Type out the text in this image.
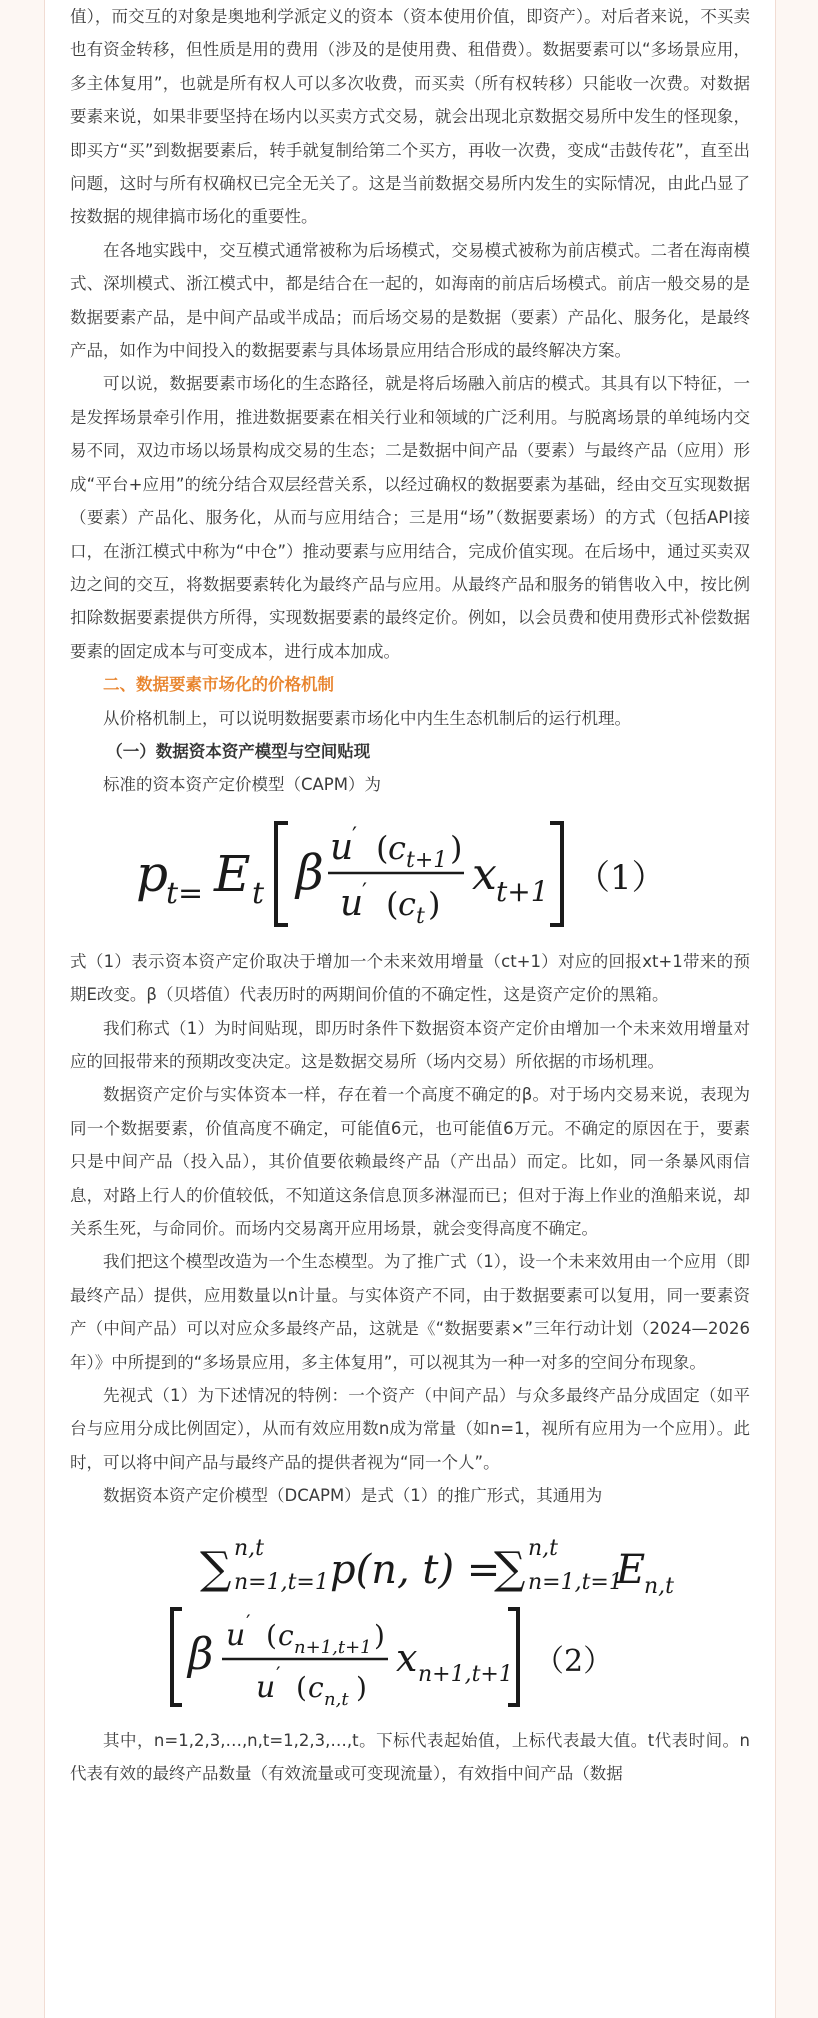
值），而交互的对象是奥地利学派定义的资本（资本使用价值，即资产）。对后者来说，不买卖也有资金转移，但性质是用的费用（涉及的是使用费、租借费）。数据要素可以“多场景应用，多主体复用”，也就是所有权人可以多次收费，而买卖（所有权转移）只能收一次费。对数据要素来说，如果非要坚持在场内以买卖方式交易，就会出现北京数据交易所中发生的怪现象，即买方“买”到数据要素后，转手就复制给第二个买方，再收一次费，变成“击鼓传花”，直至出问题，这时与所有权确权已完全无关了。这是当前数据交易所内发生的实际情况，由此凸显了按数据的规律搞市场化的重要性。

在各地实践中，交互模式通常被称为后场模式，交易模式被称为前店模式。二者在海南模式、深圳模式、浙江模式中，都是结合在一起的，如海南的前店后场模式。前店一般交易的是数据要素产品，是中间产品或半成品；而后场交易的是数据（要素）产品化、服务化，是最终产品，如作为中间投入的数据要素与具体场景应用结合形成的最终解决方案。

可以说，数据要素市场化的生态路径，就是将后场融入前店的模式。其具有以下特征，一是发挥场景牵引作用，推进数据要素在相关行业和领域的广泛利用。与脱离场景的单纯场内交易不同，双边市场以场景构成交易的生态；二是数据中间产品（要素）与最终产品（应用）形成“平台+应用”的统分结合双层经营关系，以经过确权的数据要素为基础，经由交互实现数据（要素）产品化、服务化，从而与应用结合；三是用“场”（数据要素场）的方式（包括API接口，在浙江模式中称为“中仓”）推动要素与应用结合，完成价值实现。在后场中，通过买卖双边之间的交互，将数据要素转化为最终产品与应用。从最终产品和服务的销售收入中，按比例扣除数据要素提供方所得，实现数据要素的最终定价。例如，以会员费和使用费形式补偿数据要素的固定成本与可变成本，进行成本加成。

二、数据要素市场化的价格机制

从价格机制上，可以说明数据要素市场化中内生生态机制后的运行机理。

（一）数据资本资产模型与空间贴现

标准的资本资产定价模型（CAPM）为

p
t= E t β u
′ ( c t+1 )
u
′ ( c t )
x t+1 （1）

式（1）表示资本资产定价取决于增加一个未来效用增量（ct+1）对应的回报xt+1带来的预期E改变。β（贝塔值）代表历时的两期间价值的不确定性，这是资产定价的黑箱。

我们称式（1）为时间贴现，即历时条件下数据资本资产定价由增加一个未来效用增量对应的回报带来的预期改变决定。这是数据交易所（场内交易）所依据的市场机理。

数据资产定价与实体资本一样，存在着一个高度不确定的β。对于场内交易来说，表现为同一个数据要素，价值高度不确定，可能值6元，也可能值6万元。不确定的原因在于，要素只是中间产品（投入品），其价值要依赖最终产品（产出品）而定。比如，同一条暴风雨信息，对路上行人的价值较低，不知道这条信息顶多淋湿而已；但对于海上作业的渔船来说，却关系生死，与命同价。而场内交易离开应用场景，就会变得高度不确定。

我们把这个模型改造为一个生态模型。为了推广式（1），设一个未来效用由一个应用（即最终产品）提供，应用数量以n计量。与实体资产不同，由于数据要素可以复用，同一要素资产（中间产品）可以对应众多最终产品，这就是《“数据要素×”三年行动计划（2024—2026年）》中所提到的“多场景应用，多主体复用”，可以视其为一种一对多的空间分布现象。

先视式（1）为下述情况的特例：一个资产（中间产品）与众多最终产品分成固定（如平台与应用分成比例固定），从而有效应用数n成为常量（如n=1，视所有应用为一个应用）。此时，可以将中间产品与最终产品的提供者视为“同一个人”。

数据资本资产定价模型（DCAPM）是式（1）的推广形式，其通用为

∑ n,t
n=1,t=1 p(n, t) =
∑ n,t
n=1,t=1
E
n,t
β u ′ ( c n+1,t+1 )
u ′ ( c n,t )
x n+1,t+1 （2）

其中，n=1,2,3,…,n,t=1,2,3,…,t。下标代表起始值，上标代表最大值。t代表时间。n代表有效的最终产品数量（有效流量或可变现流量），有效指中间产品（数据
